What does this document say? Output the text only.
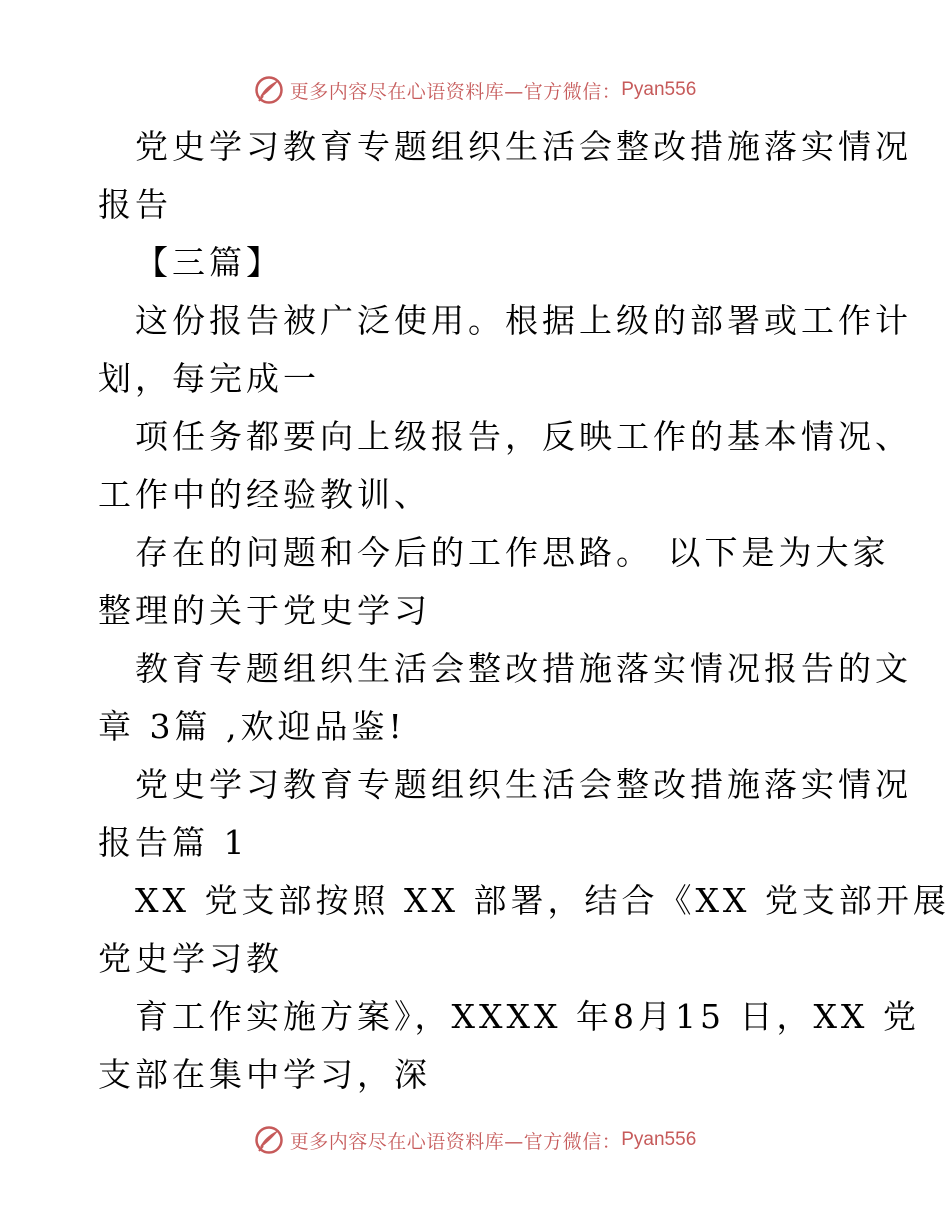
更多内容尽在心语资料库—官方微信： Pyan556
党史学习教育专题组织生活会整改措施落实情况
报告
【三篇】
这份报告被广泛使用。根据上级的部署或工作计
划，每完成一
项任务都要向上级报告，反映工作的基本情况、
工作中的经验教训、
存在的问题和今后的工作思路。 以下是为大家
整理的关于党史学习
教育专题组织生活会整改措施落实情况报告的文
章 3篇 ,欢迎品鉴!
党史学习教育专题组织生活会整改措施落实情况
报告篇 1
XX 党支部按照 XX 部署，结合《XX 党支部开展
党史学习教
育工作实施方案》，XXXX 年8月15 日，XX 党
支部在集中学习，深
更多内容尽在心语资料库—官方微信： Pyan556
